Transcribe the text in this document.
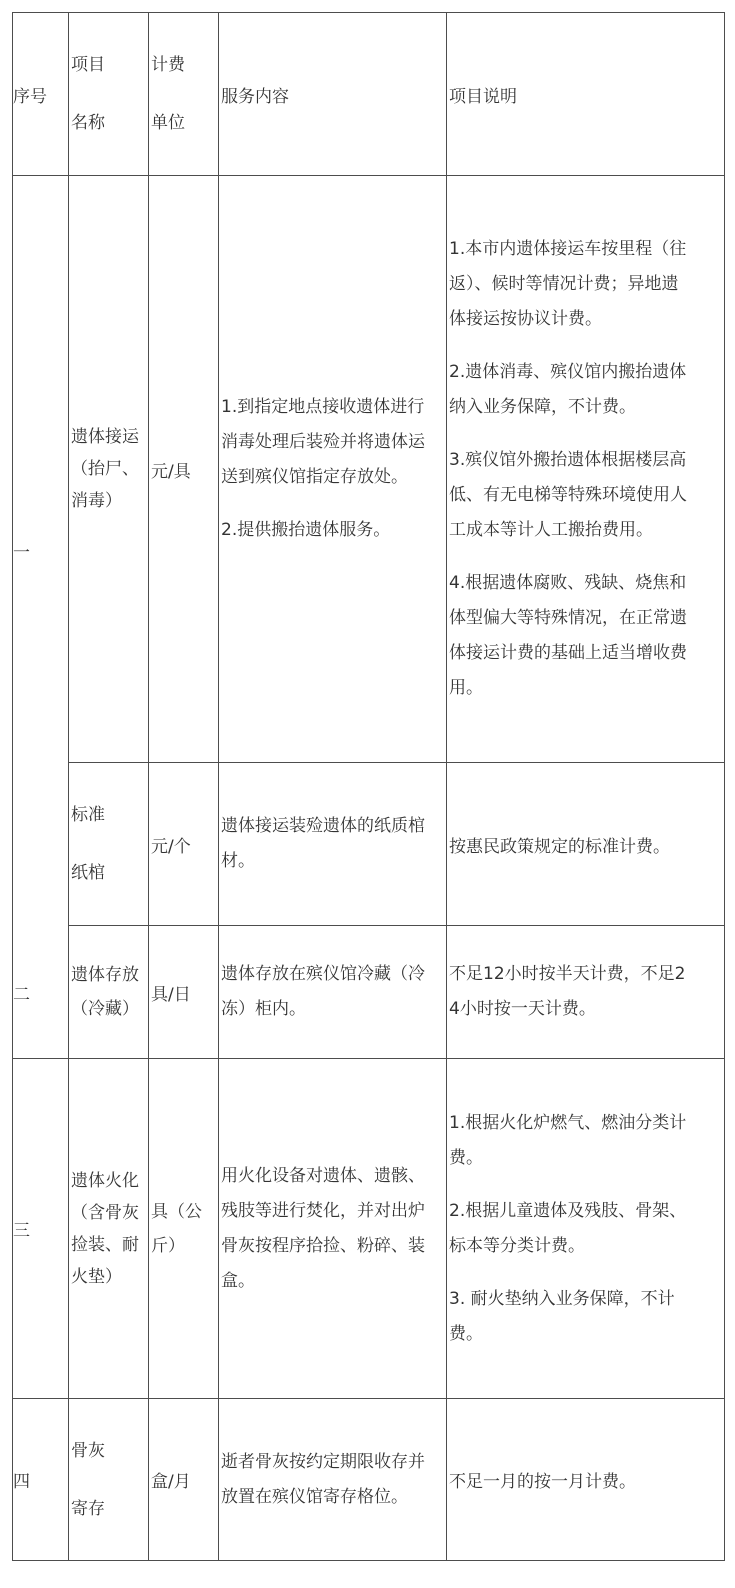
序号

项目

名称

计费

单位

服务内容	项目说明

一

二

三

四

遗体接运

（抬尸、

消毒）

元/具

1.到指定地点接收遗体进行

消毒处理后装殓并将遗体运

送到殡仪馆指定存放处。

2.提供搬抬遗体服务。

1.本市内遗体接运车按里程（往

返）、候时等情况计费；异地遗

体接运按协议计费。

2.遗体消毒、殡仪馆内搬抬遗体

纳入业务保障，不计费。

3.殡仪馆外搬抬遗体根据楼层高

低、有无电梯等特殊环境使用人

工成本等计人工搬抬费用。

4.根据遗体腐败、残缺、烧焦和

体型偏大等特殊情况，在正常遗

体接运计费的基础上适当增收费

用。

标准

纸棺

元/个

遗体接运装殓遗体的纸质棺

材。

按惠民政策规定的标准计费。

遗体存放

（冷藏）

具/日

遗体存放在殡仪馆冷藏（冷

冻）柜内。

不足12小时按半天计费，不足2

4小时按一天计费。

遗体火化

（含骨灰

捡装、耐

火垫）

具（公

斤）

用火化设备对遗体、遗骸、

残肢等进行焚化，并对出炉

骨灰按程序拾捡、粉碎、装

盒。

1.根据火化炉燃气、燃油分类计

费。

2.根据儿童遗体及残肢、骨架、

标本等分类计费。

3. 耐火垫纳入业务保障，不计

费。

骨灰

寄存

盒/月

逝者骨灰按约定期限收存并

放置在殡仪馆寄存格位。

不足一月的按一月计费。
